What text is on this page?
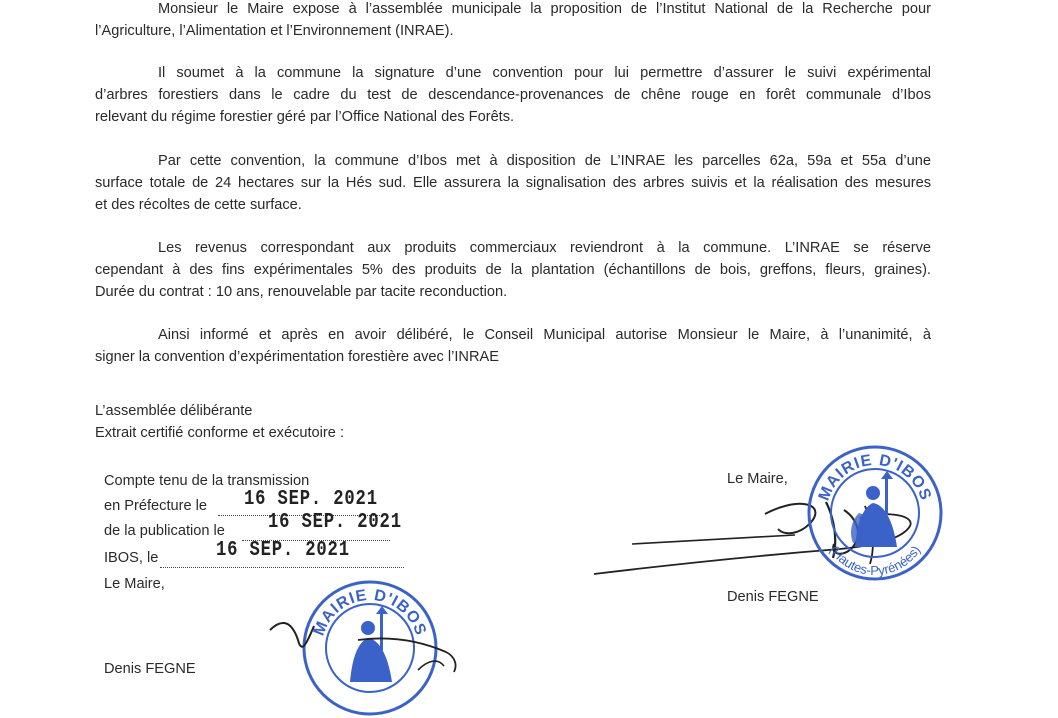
Monsieur le Maire expose à l’assemblée municipale la proposition de l’Institut National de la Recherche pour
l’Agriculture, l’Alimentation et l’Environnement (INRAE).
Il soumet à la commune la signature d’une convention pour lui permettre d’assurer le suivi expérimental
d’arbres forestiers dans le cadre du test de descendance-provenances de chêne rouge en forêt communale d’Ibos
relevant du régime forestier géré par l’Office National des Forêts.
Par cette convention, la commune d’Ibos met à disposition de L’INRAE les parcelles 62a, 59a et 55a d’une
surface totale de 24 hectares sur la Hés sud. Elle assurera la signalisation des arbres suivis et la réalisation des mesures
et des récoltes de cette surface.
Les revenus correspondant aux produits commerciaux reviendront à la commune. L’INRAE se réserve
cependant à des fins expérimentales 5% des produits de la plantation (échantillons de bois, greffons, fleurs, graines).
Durée du contrat : 10 ans, renouvelable par tacite reconduction.
Ainsi informé et après en avoir délibéré, le Conseil Municipal autorise Monsieur le Maire, à l’unanimité, à
signer la convention d’expérimentation forestière avec l’INRAE
L’assemblée délibérante
Extrait certifié conforme et exécutoire :
Compte tenu de la transmission
en Préfecture le 16 SEP. 2021
de la publication le 16 SEP. 2021
IBOS, le	16 SEP. 2021
Le Maire,
Denis FEGNE
Le Maire,
Denis FEGNE
MAIRIE D'IBOS
(Hautes-Pyrénées)
MAIRIE D'IBOS
